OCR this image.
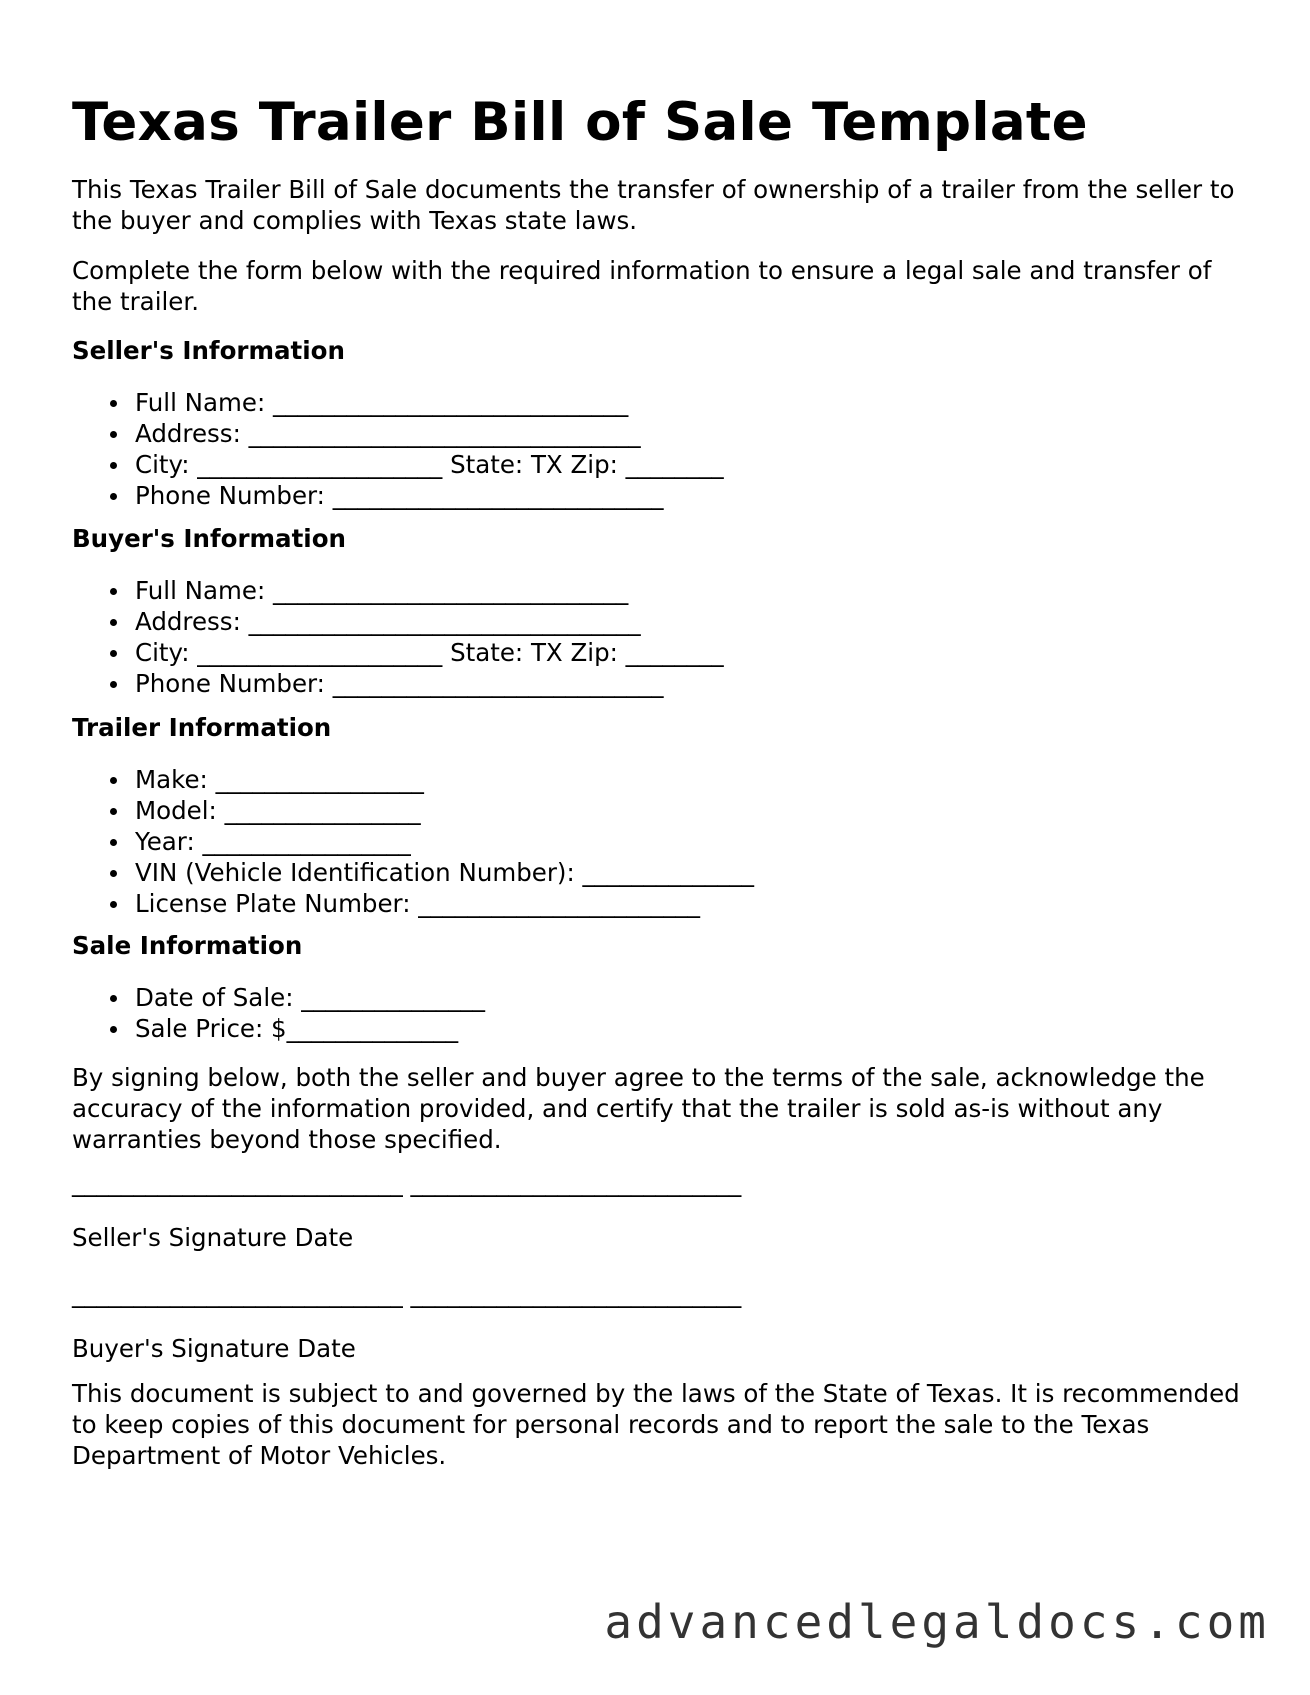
Texas Trailer Bill of Sale Template

This Texas Trailer Bill of Sale documents the transfer of ownership of a trailer from the seller to the buyer and complies with Texas state laws.

Complete the form below with the required information to ensure a legal sale and transfer of the trailer.

Seller's Information
Full Name: _____________________________
Address: ________________________________
City: ____________________ State: TX Zip: ________
Phone Number: ___________________________
Buyer's Information
Full Name: _____________________________
Address: ________________________________
City: ____________________ State: TX Zip: ________
Phone Number: ___________________________
Trailer Information
Make: _________________
Model: ________________
Year: _________________
VIN (Vehicle Identification Number): ______________
License Plate Number: _______________________
Sale Information
Date of Sale: _______________
Sale Price: $______________

By signing below, both the seller and buyer agree to the terms of the sale, acknowledge the accuracy of the information provided, and certify that the trailer is sold as-is without any warranties beyond those specified.

___________________________ ___________________________

Seller's Signature Date

___________________________ ___________________________

Buyer's Signature Date

This document is subject to and governed by the laws of the State of Texas. It is recommended to keep copies of this document for personal records and to report the sale to the Texas Department of Motor Vehicles.

advancedlegaldocs.com
